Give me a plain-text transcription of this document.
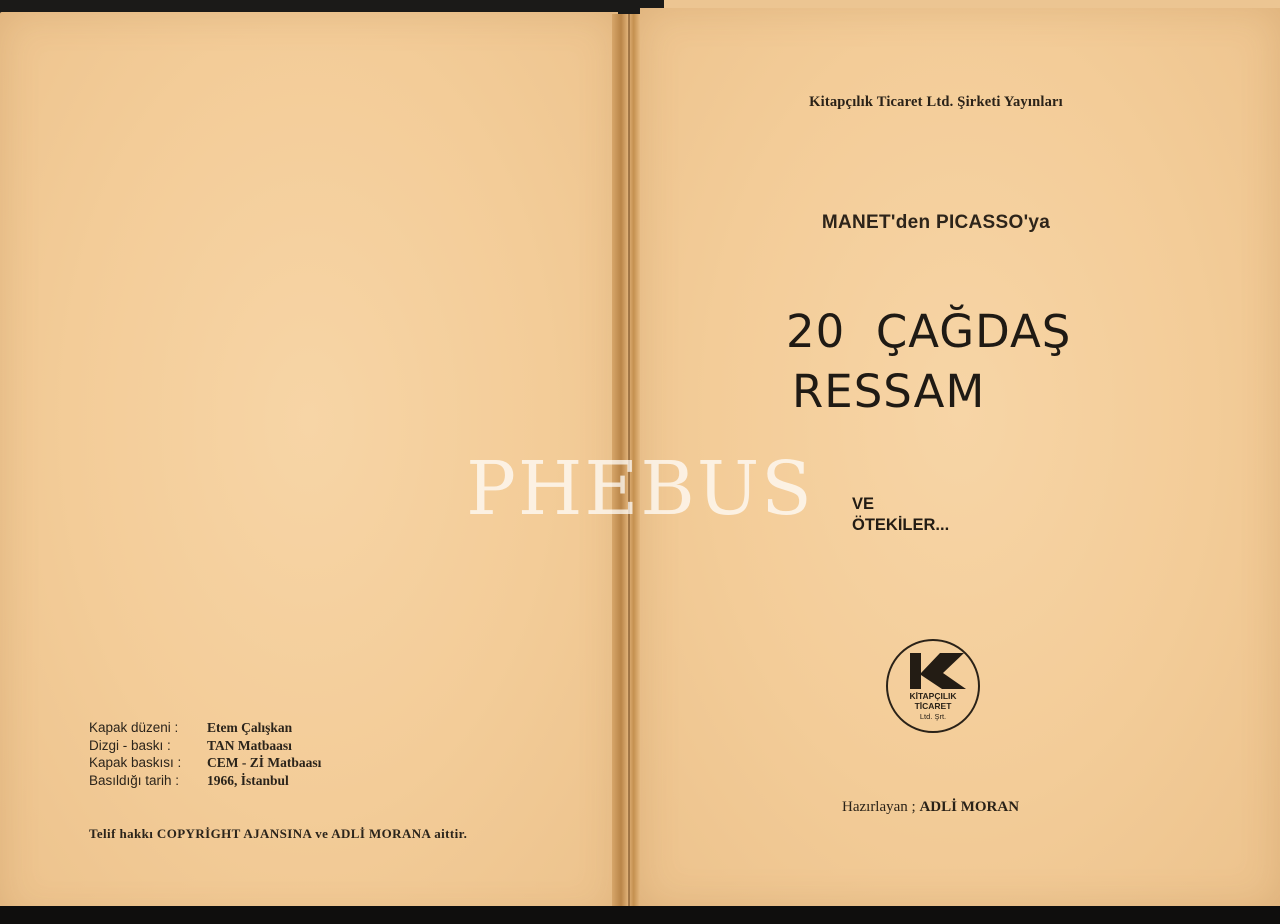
Kapak düzeni :	Etem Çalışkan
Dizgi - baskı :	TAN Matbaası
Kapak baskısı :	CEM - Zİ Matbaası
Basıldığı tarih :	1966, İstanbul
Telif hakkı COPYRİGHT AJANSINA ve ADLİ MORANA aittir.
Kitapçılık Ticaret Ltd. Şirketi Yayınları
MANET'den PICASSO'ya
20  ÇAĞDAŞ
RESSAM
VE
ÖTEKİLER...
KİTAPÇILIK
TİCARET
Ltd. Şrt.
Hazırlayan ; ADLİ MORAN
PHEBUS
